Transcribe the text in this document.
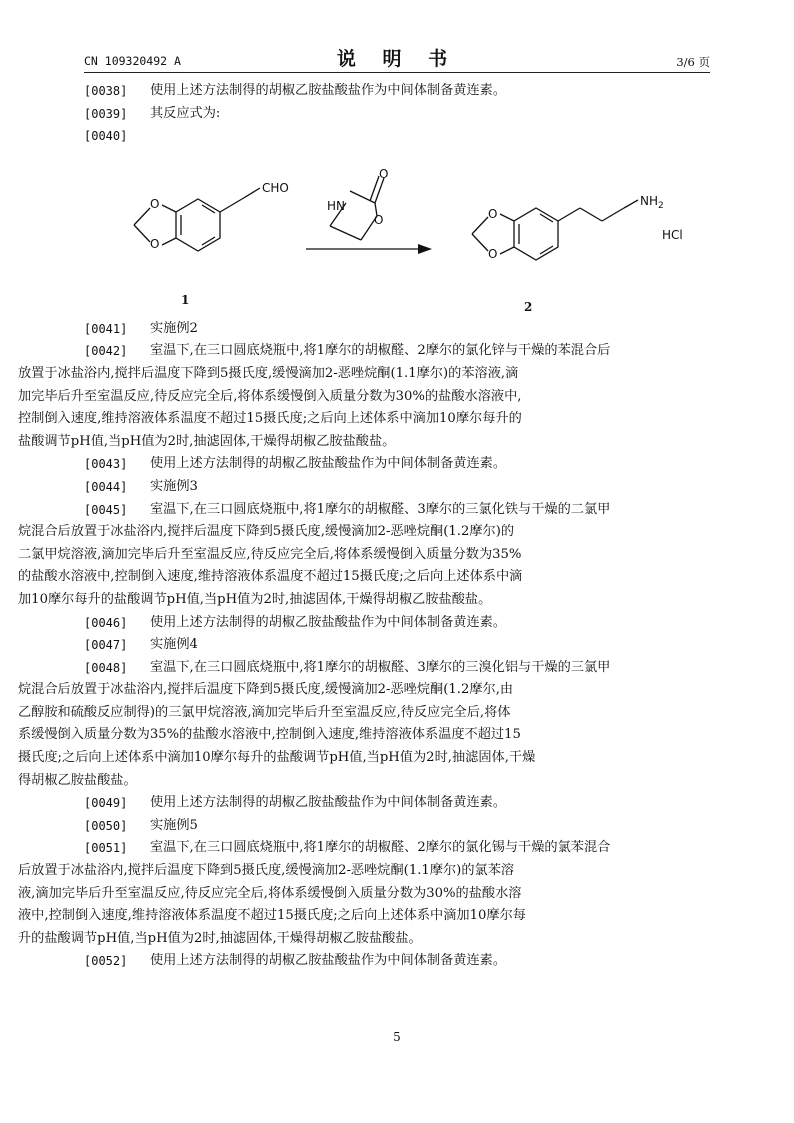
CN 109320492 A	说 明 书	3/6 页
[0038]	使用上述方法制得的胡椒乙胺盐酸盐作为中间体制备黄连素。
[0039]	其反应式为:
[0040]
CHO
O
O
HN
O
O	O
O
$NH_2$
HCl
1	2
[0041]	实施例2
[0042]	室温下,在三口圆底烧瓶中,将1摩尔的胡椒醛、2摩尔的氯化锌与干燥的苯混合后
放置于冰盐浴内,搅拌后温度下降到5摄氏度,缓慢滴加2-恶唑烷酮(1.1摩尔)的苯溶液,滴
加完毕后升至室温反应,待反应完全后,将体系缓慢倒入质量分数为30%的盐酸水溶液中,
控制倒入速度,维持溶液体系温度不超过15摄氏度;之后向上述体系中滴加10摩尔每升的
盐酸调节pH值,当pH值为2时,抽滤固体,干燥得胡椒乙胺盐酸盐。
[0043]	使用上述方法制得的胡椒乙胺盐酸盐作为中间体制备黄连素。
[0044]	实施例3
[0045]	室温下,在三口圆底烧瓶中,将1摩尔的胡椒醛、3摩尔的三氯化铁与干燥的二氯甲
烷混合后放置于冰盐浴内,搅拌后温度下降到5摄氏度,缓慢滴加2-恶唑烷酮(1.2摩尔)的
二氯甲烷溶液,滴加完毕后升至室温反应,待反应完全后,将体系缓慢倒入质量分数为35%
的盐酸水溶液中,控制倒入速度,维持溶液体系温度不超过15摄氏度;之后向上述体系中滴
加10摩尔每升的盐酸调节pH值,当pH值为2时,抽滤固体,干燥得胡椒乙胺盐酸盐。
[0046]	使用上述方法制得的胡椒乙胺盐酸盐作为中间体制备黄连素。
[0047]	实施例4
[0048]	室温下,在三口圆底烧瓶中,将1摩尔的胡椒醛、3摩尔的三溴化铝与干燥的三氯甲
烷混合后放置于冰盐浴内,搅拌后温度下降到5摄氏度,缓慢滴加2-恶唑烷酮(1.2摩尔,由
乙醇胺和硫酸反应制得)的三氯甲烷溶液,滴加完毕后升至室温反应,待反应完全后,将体
系缓慢倒入质量分数为35%的盐酸水溶液中,控制倒入速度,维持溶液体系温度不超过15
摄氏度;之后向上述体系中滴加10摩尔每升的盐酸调节pH值,当pH值为2时,抽滤固体,干燥
得胡椒乙胺盐酸盐。
[0049]	使用上述方法制得的胡椒乙胺盐酸盐作为中间体制备黄连素。
[0050]	实施例5
[0051]	室温下,在三口圆底烧瓶中,将1摩尔的胡椒醛、2摩尔的氯化锡与干燥的氯苯混合
后放置于冰盐浴内,搅拌后温度下降到5摄氏度,缓慢滴加2-恶唑烷酮(1.1摩尔)的氯苯溶
液,滴加完毕后升至室温反应,待反应完全后,将体系缓慢倒入质量分数为30%的盐酸水溶
液中,控制倒入速度,维持溶液体系温度不超过15摄氏度;之后向上述体系中滴加10摩尔每
升的盐酸调节pH值,当pH值为2时,抽滤固体,干燥得胡椒乙胺盐酸盐。
[0052]	使用上述方法制得的胡椒乙胺盐酸盐作为中间体制备黄连素。
5
